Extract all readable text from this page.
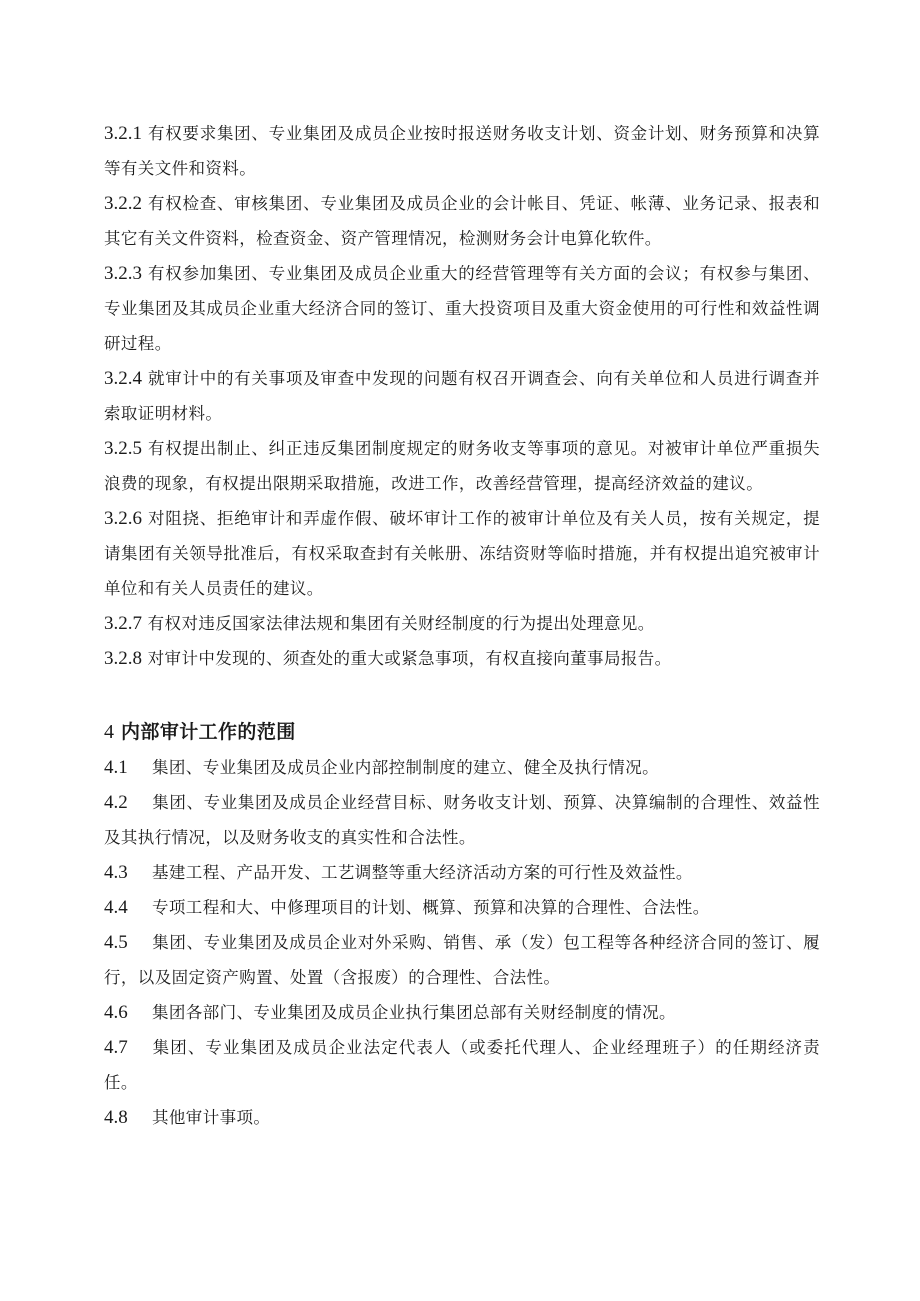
3.2.1 有权要求集团、专业集团及成员企业按时报送财务收支计划、资金计划、财务预算和决算等有关文件和资料。

3.2.2 有权检查、审核集团、专业集团及成员企业的会计帐目、凭证、帐薄、业务记录、报表和其它有关文件资料，检查资金、资产管理情况，检测财务会计电算化软件。

3.2.3 有权参加集团、专业集团及成员企业重大的经营管理等有关方面的会议；有权参与集团、专业集团及其成员企业重大经济合同的签订、重大投资项目及重大资金使用的可行性和效益性调研过程。

3.2.4 就审计中的有关事项及审查中发现的问题有权召开调查会、向有关单位和人员进行调查并索取证明材料。

3.2.5 有权提出制止、纠正违反集团制度规定的财务收支等事项的意见。对被审计单位严重损失浪费的现象，有权提出限期采取措施，改进工作，改善经营管理，提高经济效益的建议。

3.2.6 对阻挠、拒绝审计和弄虚作假、破坏审计工作的被审计单位及有关人员，按有关规定，提请集团有关领导批准后，有权采取查封有关帐册、冻结资财等临时措施，并有权提出追究被审计单位和有关人员责任的建议。

3.2.7 有权对违反国家法律法规和集团有关财经制度的行为提出处理意见。

3.2.8 对审计中发现的、须查处的重大或紧急事项，有权直接向董事局报告。

4 内部审计工作的范围

4.1 集团、专业集团及成员企业内部控制制度的建立、健全及执行情况。

4.2 集团、专业集团及成员企业经营目标、财务收支计划、预算、决算编制的合理性、效益性及其执行情况，以及财务收支的真实性和合法性。

4.3 基建工程、产品开发、工艺调整等重大经济活动方案的可行性及效益性。

4.4 专项工程和大、中修理项目的计划、概算、预算和决算的合理性、合法性。

4.5 集团、专业集团及成员企业对外采购、销售、承（发）包工程等各种经济合同的签订、履行，以及固定资产购置、处置（含报废）的合理性、合法性。

4.6 集团各部门、专业集团及成员企业执行集团总部有关财经制度的情况。

4.7 集团、专业集团及成员企业法定代表人（或委托代理人、企业经理班子）的任期经济责任。

4.8 其他审计事项。
